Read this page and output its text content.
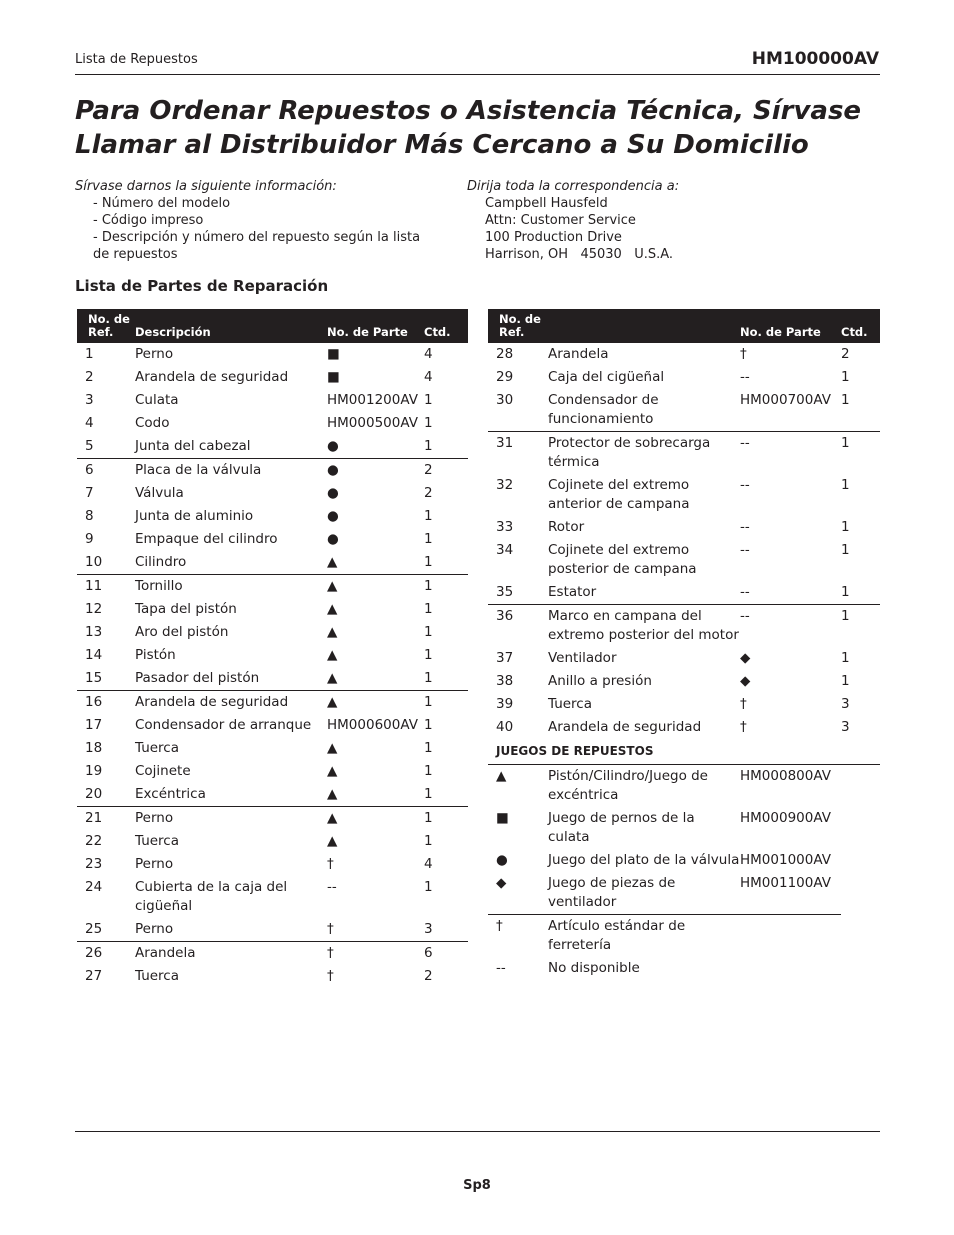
Lista de Repuestos	HM100000AV
Para Ordenar Repuestos o Asistencia Técnica, Sírvase Llamar al Distribuidor Más Cercano a Su Domicilio
Sírvase darnos la siguiente información:
- Número del modelo
- Código impreso
- Descripción y número del repuesto según la lista de repuestos
Dirija toda la correspondencia a:
Campbell Hausfeld
Attn: Customer Service
100 Production Drive
Harrison, OH   45030   U.S.A.
Lista de Partes de Reparación
No. de Ref.	Descripción	No. de Parte	Ctd.
1	Perno	■	4
2	Arandela de seguridad	■	4
3	Culata	HM001200AV	1
4	Codo	HM000500AV	1
5	Junta del cabezal	●	1
6	Placa de la válvula	●	2
7	Válvula	●	2
8	Junta de aluminio	●	1
9	Empaque del cilindro	●	1
10	Cilindro	▲	1
11	Tornillo	▲	1
12	Tapa del pistón	▲	1
13	Aro del pistón	▲	1
14	Pistón	▲	1
15	Pasador del pistón	▲	1
16	Arandela de seguridad	▲	1
17	Condensador de arranque	HM000600AV	1
18	Tuerca	▲	1
19	Cojinete	▲	1
20	Excéntrica	▲	1
21	Perno	▲	1
22	Tuerca	▲	1
23	Perno	†	4
24	Cubierta de la caja del cigüeñal	--	1
25	Perno	†	3
26	Arandela	†	6
27	Tuerca	†	2
No. de Ref.		No. de Parte	Ctd.
28	Arandela	†	2
29	Caja del cigüeñal	--	1
30	Condensador de funcionamiento	HM000700AV	1
31	Protector de sobrecarga térmica	--	1
32	Cojinete del extremo anterior de campana	--	1
33	Rotor	--	1
34	Cojinete del extremo posterior de campana	--	1
35	Estator	--	1
36	Marco en campana del extremo posterior del motor	--	1
37	Ventilador	◆	1
38	Anillo a presión	◆	1
39	Tuerca	†	3
40	Arandela de seguridad	†	3
JUEGOS DE REPUESTOS			
▲	Pistón/Cilindro/Juego de excéntrica	HM000800AV	
■	Juego de pernos de la culata	HM000900AV	
●	Juego del plato de la válvula	HM001000AV	
◆	Juego de piezas de ventilador	HM001100AV	
†	Artículo estándar de ferretería		
--	No disponible		
Sp8
